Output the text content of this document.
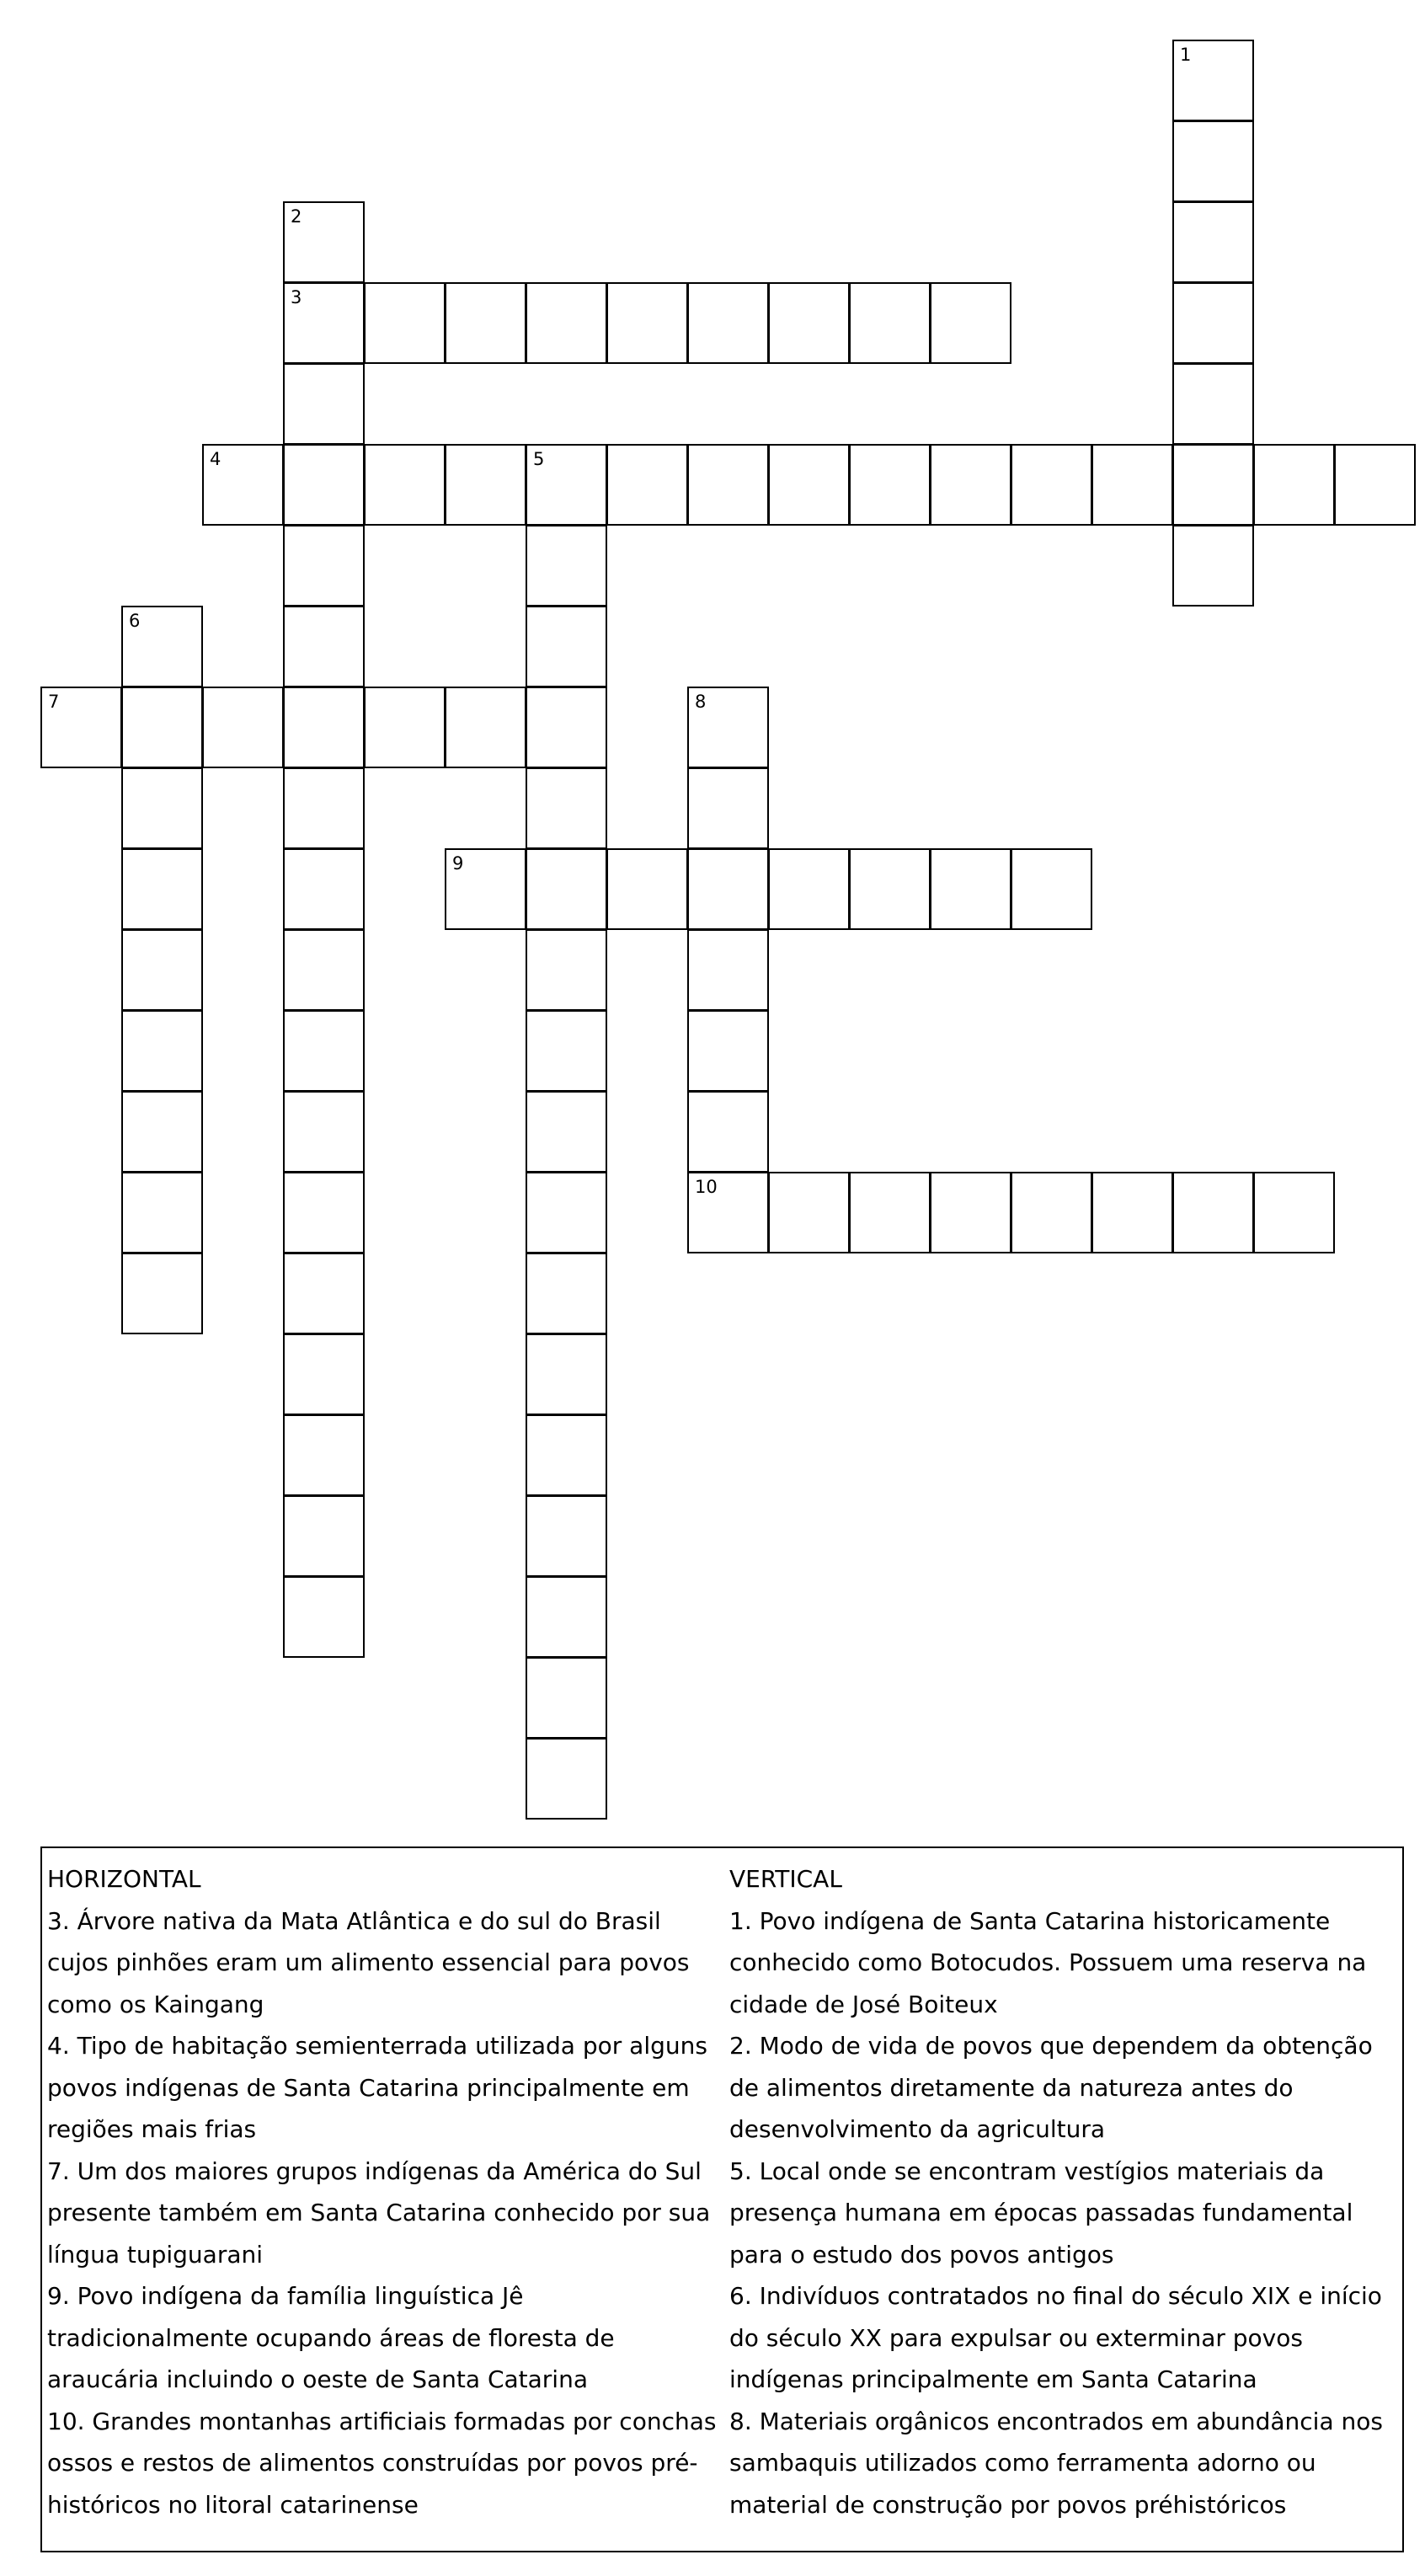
1
2
3
4	5
6
7	8
9
10

HORIZONTAL

3. Árvore nativa da Mata Atlântica e do sul do Brasil cujos pinhões eram um alimento essencial para povos como os Kaingang

4. Tipo de habitação semienterrada utilizada por alguns povos indígenas de Santa Catarina principalmente em regiões mais frias

7. Um dos maiores grupos indígenas da América do Sul presente também em Santa Catarina conhecido por sua língua tupiguarani

9. Povo indígena da família linguística Jê tradicionalmente ocupando áreas de floresta de araucária incluindo o oeste de Santa Catarina

10. Grandes montanhas artificiais formadas por conchas ossos e restos de alimentos construídas por povos pré-históricos no litoral catarinense

VERTICAL

1. Povo indígena de Santa Catarina historicamente conhecido como Botocudos. Possuem uma reserva na cidade de José Boiteux

2. Modo de vida de povos que dependem da obtenção de alimentos diretamente da natureza antes do desenvolvimento da agricultura

5. Local onde se encontram vestígios materiais da presença humana em épocas passadas fundamental para o estudo dos povos antigos

6. Indivíduos contratados no final do século XIX e início do século XX para expulsar ou exterminar povos indígenas principalmente em Santa Catarina

8. Materiais orgânicos encontrados em abundância nos sambaquis utilizados como ferramenta adorno ou material de construção por povos préhistóricos
